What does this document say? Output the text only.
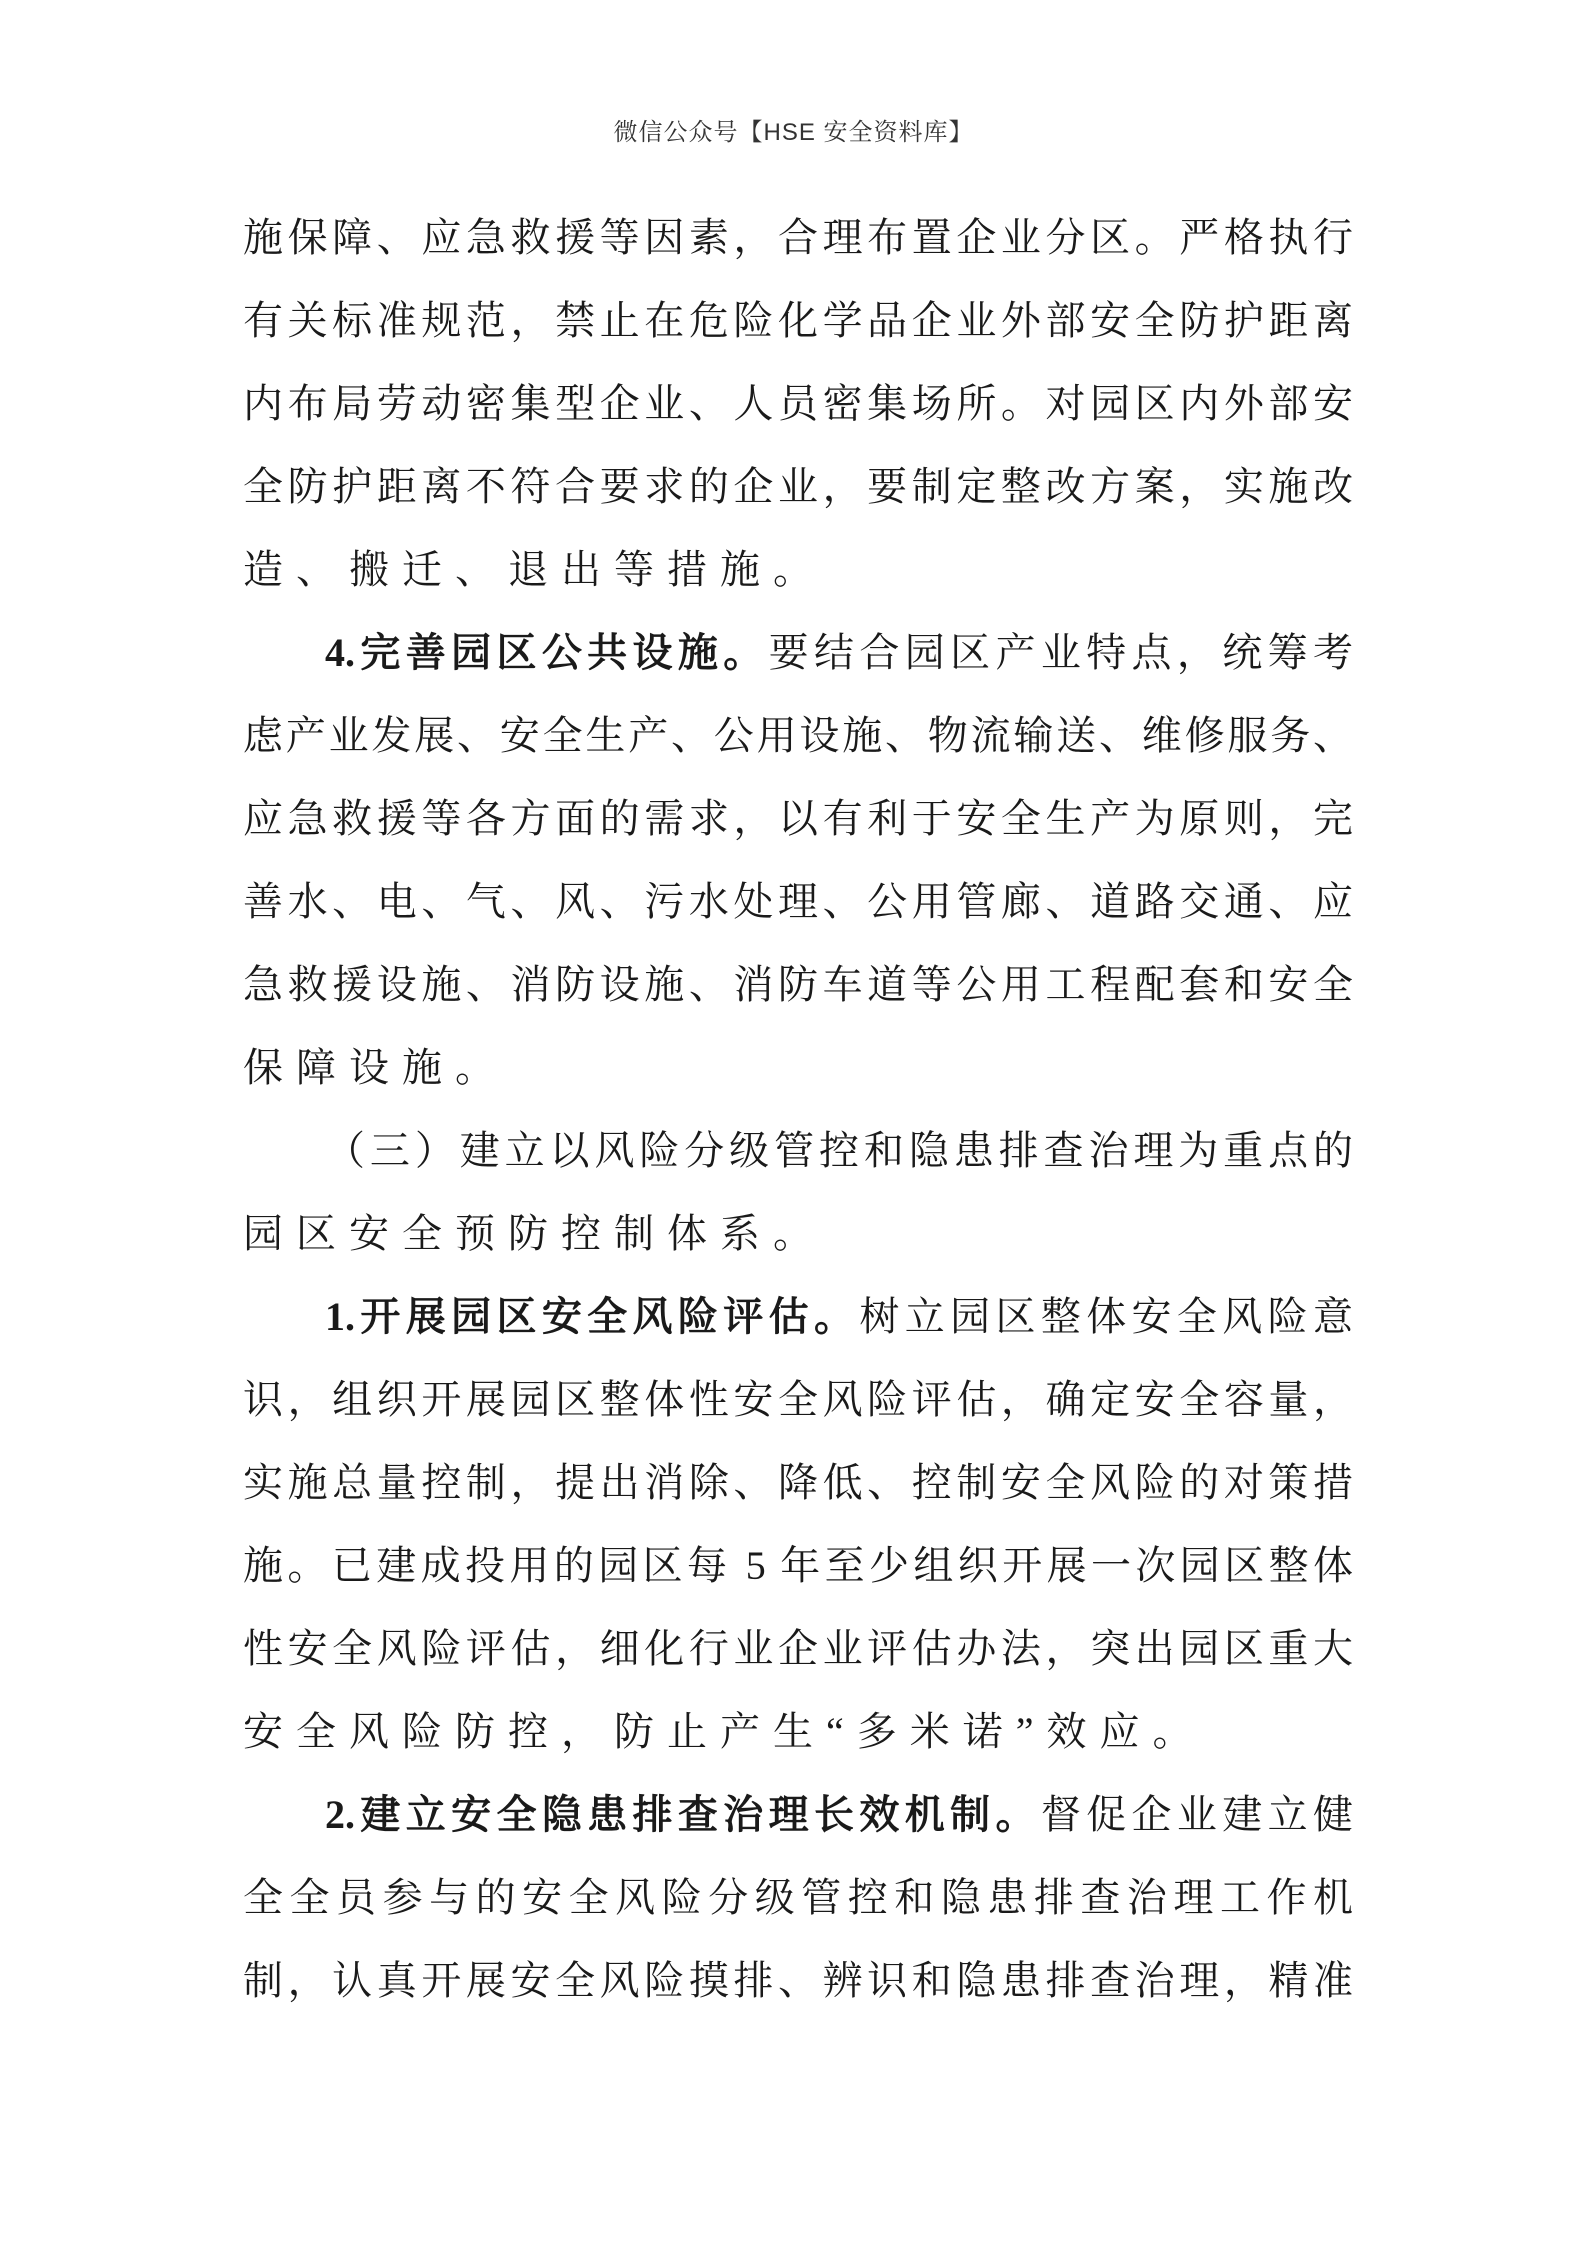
微信公众号【HSE 安全资料库】
施保障、应急救援等因素，合理布置企业分区。严格执行
有关标准规范，禁止在危险化学品企业外部安全防护距离
内布局劳动密集型企业、人员密集场所。对园区内外部安
全防护距离不符合要求的企业，要制定整改方案，实施改
造、搬迁、退出等措施。
4.完善园区公共设施。要结合园区产业特点，统筹考
虑产业发展、安全生产、公用设施、物流输送、维修服务、
应急救援等各方面的需求，以有利于安全生产为原则，完
善水、电、气、风、污水处理、公用管廊、道路交通、应
急救援设施、消防设施、消防车道等公用工程配套和安全
保障设施。
（三）建立以风险分级管控和隐患排查治理为重点的
园区安全预防控制体系。
1.开展园区安全风险评估。树立园区整体安全风险意
识，组织开展园区整体性安全风险评估，确定安全容量，
实施总量控制，提出消除、降低、控制安全风险的对策措
施。已建成投用的园区每 5 年至少组织开展一次园区整体
性安全风险评估，细化行业企业评估办法，突出园区重大
安全风险防控，防止产生“多米诺”效应。
2.建立安全隐患排查治理长效机制。督促企业建立健
全全员参与的安全风险分级管控和隐患排查治理工作机
制，认真开展安全风险摸排、辨识和隐患排查治理，精准
